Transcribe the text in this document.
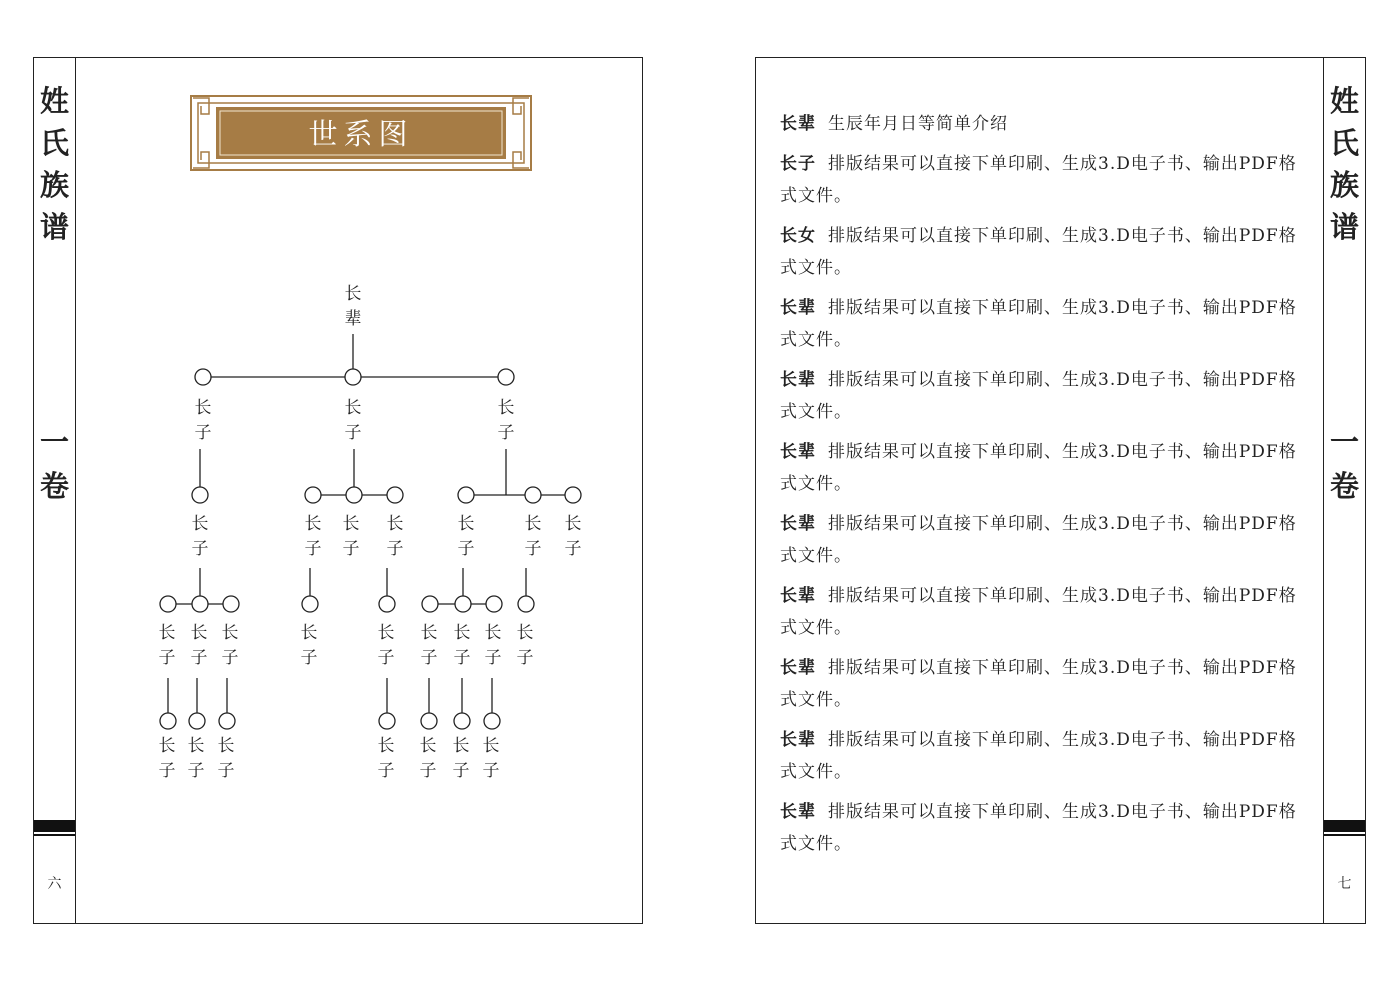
姓
氏
族
谱
一
卷
六
世系图
长
辈
长
子
长
子
长
子
长
子
长
子
长
子
长
子
长
子
长
子
长
子
长
子
长
子
长
子
长
子
长
子
长
子
长
子
长
子
长
子
长
子
长
子
长
子
长
子
长
子
长
子
长
子
长辈 生辰年月日等简单介绍
长子 排版结果可以直接下单印刷、生成3.D电子书、输出PDF格式文件。
长女 排版结果可以直接下单印刷、生成3.D电子书、输出PDF格式文件。
长辈 排版结果可以直接下单印刷、生成3.D电子书、输出PDF格式文件。
长辈 排版结果可以直接下单印刷、生成3.D电子书、输出PDF格式文件。
长辈 排版结果可以直接下单印刷、生成3.D电子书、输出PDF格式文件。
长辈 排版结果可以直接下单印刷、生成3.D电子书、输出PDF格式文件。
长辈 排版结果可以直接下单印刷、生成3.D电子书、输出PDF格式文件。
长辈 排版结果可以直接下单印刷、生成3.D电子书、输出PDF格式文件。
长辈 排版结果可以直接下单印刷、生成3.D电子书、输出PDF格式文件。
长辈 排版结果可以直接下单印刷、生成3.D电子书、输出PDF格式文件。
姓
氏
族
谱
一
卷
七
